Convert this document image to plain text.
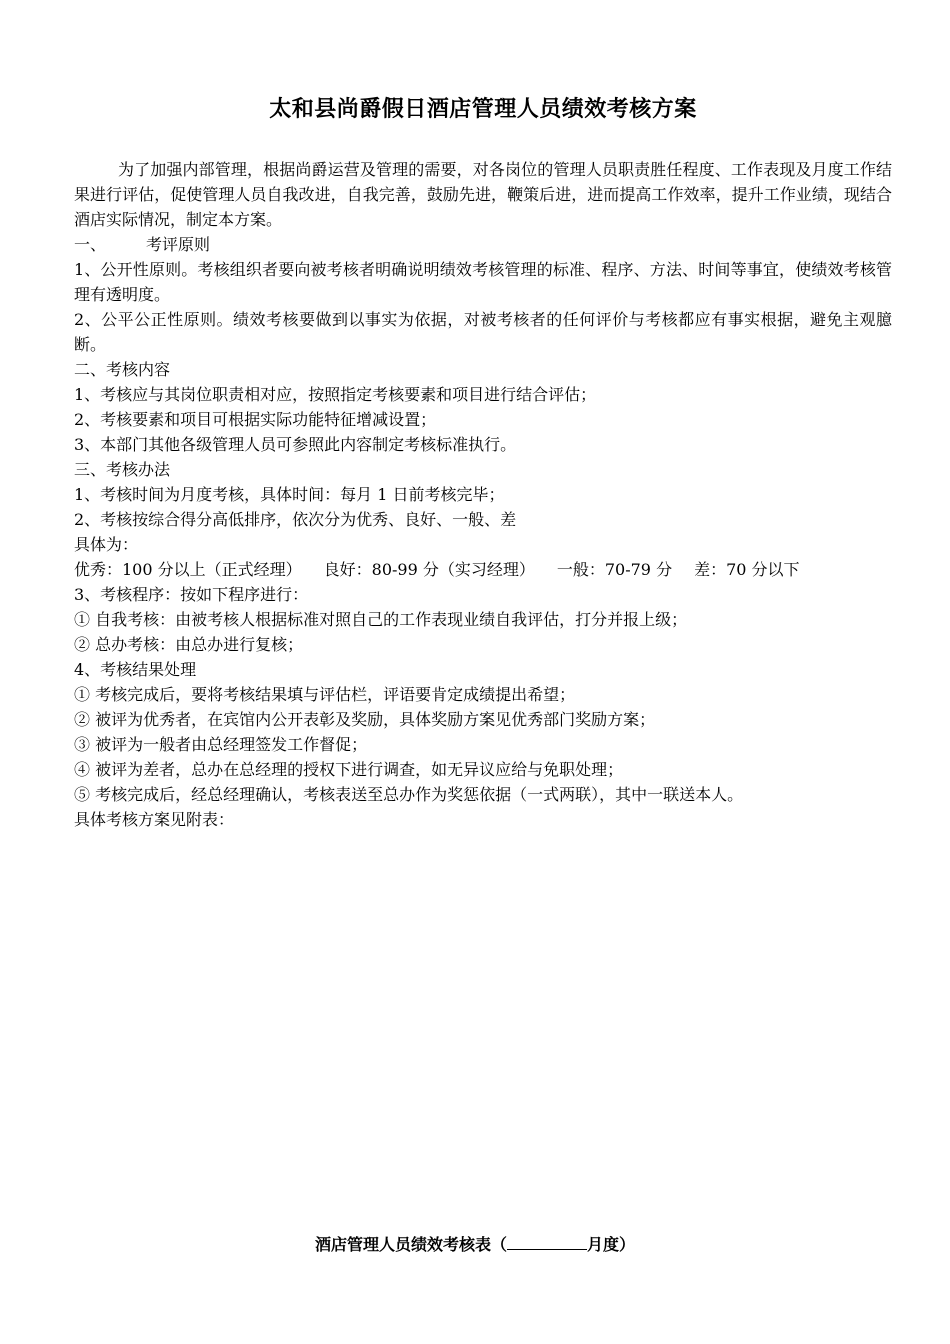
太和县尚爵假日酒店管理人员绩效考核方案

为了加强内部管理，根据尚爵运营及管理的需要，对各岗位的管理人员职责胜任程度、工作表现及月度工作结果进行评估，促使管理人员自我改进，自我完善，鼓励先进，鞭策后进，进而提高工作效率，提升工作业绩，现结合酒店实际情况，制定本方案。

一、	考评原则

1、公开性原则。考核组织者要向被考核者明确说明绩效考核管理的标准、程序、方法、时间等事宜，使绩效考核管理有透明度。

2、公平公正性原则。绩效考核要做到以事实为依据，对被考核者的任何评价与考核都应有事实根据，避免主观臆断。

二、考核内容

1、考核应与其岗位职责相对应，按照指定考核要素和项目进行结合评估；

2、考核要素和项目可根据实际功能特征增减设置；

3、本部门其他各级管理人员可参照此内容制定考核标准执行。

三、考核办法

1、考核时间为月度考核，具体时间：每月 1 日前考核完毕；

2、考核按综合得分高低排序，依次分为优秀、良好、一般、差

具体为：

优秀：100 分以上（正式经理） 良好：80-99 分（实习经理） 一般：70-79 分 差：70 分以下

3、考核程序：按如下程序进行：

① 自我考核：由被考核人根据标准对照自己的工作表现业绩自我评估，打分并报上级；

② 总办考核：由总办进行复核；

4、考核结果处理

① 考核完成后，要将考核结果填与评估栏，评语要肯定成绩提出希望；

② 被评为优秀者，在宾馆内公开表彰及奖励，具体奖励方案见优秀部门奖励方案；

③ 被评为一般者由总经理签发工作督促；

④ 被评为差者，总办在总经理的授权下进行调查，如无异议应给与免职处理；

⑤ 考核完成后，经总经理确认，考核表送至总办作为奖惩依据（一式两联），其中一联送本人。

具体考核方案见附表：

酒店管理人员绩效考核表（	月度）
